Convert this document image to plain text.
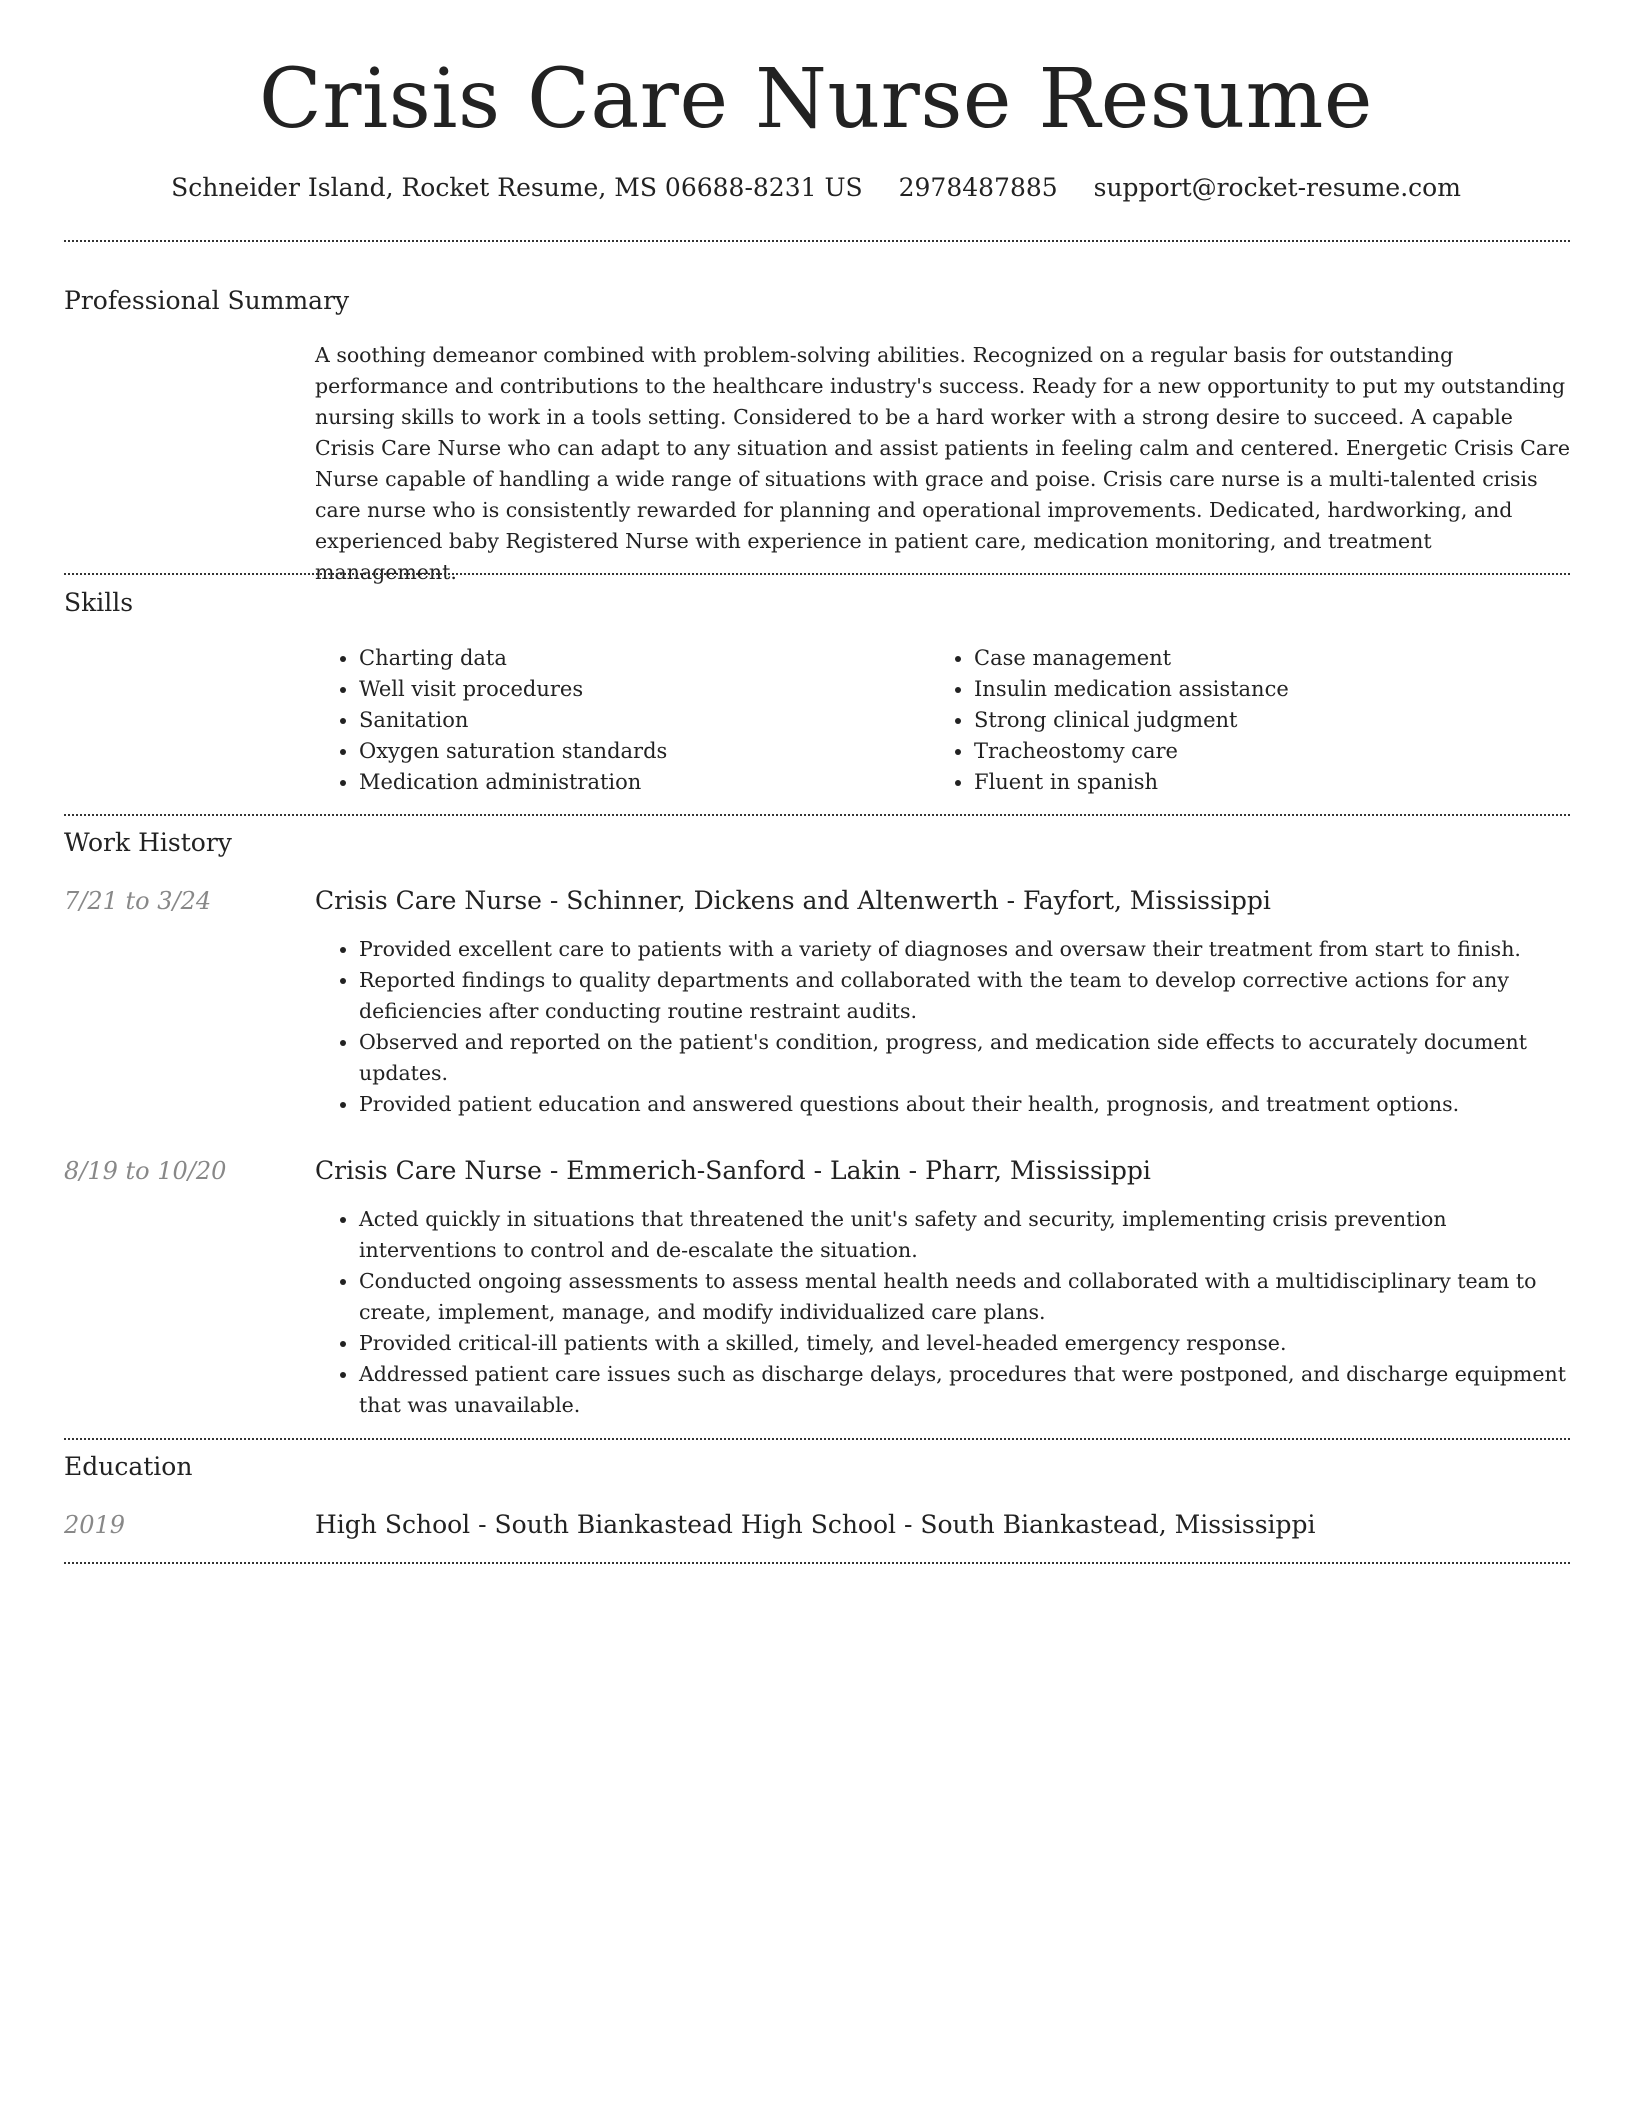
Crisis Care Nurse Resume
Schneider Island, Rocket Resume, MS 06688-8231 US 2978487885 support@rocket-resume.com
Professional Summary
A soothing demeanor combined with problem-solving abilities. Recognized on a regular basis for outstanding performance and contributions to the healthcare industry's success. Ready for a new opportunity to put my outstanding nursing skills to work in a tools setting. Considered to be a hard worker with a strong desire to succeed. A capable Crisis Care Nurse who can adapt to any situation and assist patients in feeling calm and centered. Energetic Crisis Care Nurse capable of handling a wide range of situations with grace and poise. Crisis care nurse is a multi-talented crisis care nurse who is consistently rewarded for planning and operational improvements. Dedicated, hardworking, and experienced baby Registered Nurse with experience in patient care, medication monitoring, and treatment management.
Skills
• Charting data
• Well visit procedures
• Sanitation
• Oxygen saturation standards
• Medication administration
• Case management
• Insulin medication assistance
• Strong clinical judgment
• Tracheostomy care
• Fluent in spanish
Work History
7/21 to 3/24	Crisis Care Nurse - Schinner, Dickens and Altenwerth - Fayfort, Mississippi
• Provided excellent care to patients with a variety of diagnoses and oversaw their treatment from start to finish.
• Reported findings to quality departments and collaborated with the team to develop corrective actions for any deficiencies after conducting routine restraint audits.
• Observed and reported on the patient's condition, progress, and medication side effects to accurately document updates.
• Provided patient education and answered questions about their health, prognosis, and treatment options.
8/19 to 10/20	Crisis Care Nurse - Emmerich-Sanford - Lakin - Pharr, Mississippi
• Acted quickly in situations that threatened the unit's safety and security, implementing crisis prevention interventions to control and de-escalate the situation.
• Conducted ongoing assessments to assess mental health needs and collaborated with a multidisciplinary team to create, implement, manage, and modify individualized care plans.
• Provided critical-ill patients with a skilled, timely, and level-headed emergency response.
• Addressed patient care issues such as discharge delays, procedures that were postponed, and discharge equipment that was unavailable.
Education
2019	High School - South Biankastead High School - South Biankastead, Mississippi
